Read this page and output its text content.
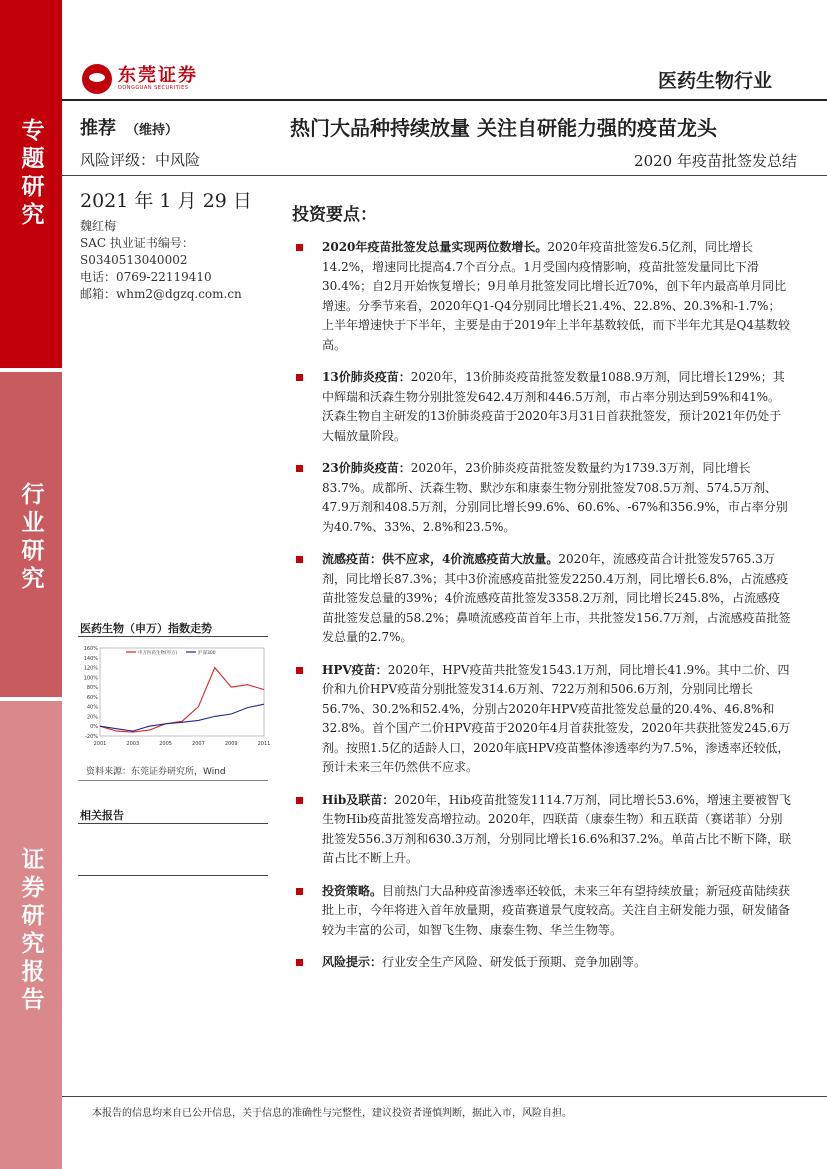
专题研究
行业研究
证券研究报告
东莞证券
DONGGUAN SECURITIES	医药生物行业
推荐 （维持）	热门大品种持续放量 关注自研能力强的疫苗龙头
风险评级：中风险	2020 年疫苗批签发总结
2021 年 1 月 29 日
魏红梅
SAC 执业证书编号：
S0340513040002
电话：0769-22119410
邮箱：whm2@dgzq.com.cn
投资要点：
2020年疫苗批签发总量实现两位数增长。2020年疫苗批签发6.5亿剂，同比增长14.2%，增速同比提高4.7个百分点。1月受国内疫情影响，疫苗批签发量同比下滑30.4%；自2月开始恢复增长；9月单月批签发同比增长近70%，创下年内最高单月同比增速。分季节来看，2020年Q1-Q4分别同比增长21.4%、22.8%、20.3%和-1.7%；上半年增速快于下半年，主要是由于2019年上半年基数较低，而下半年尤其是Q4基数较高。
13价肺炎疫苗：2020年，13价肺炎疫苗批签发数量1088.9万剂，同比增长129%；其中辉瑞和沃森生物分别批签发642.4万剂和446.5万剂，市占率分别达到59%和41%。沃森生物自主研发的13价肺炎疫苗于2020年3月31日首获批签发，预计2021年仍处于大幅放量阶段。
23价肺炎疫苗：2020年，23价肺炎疫苗批签发数量约为1739.3万剂，同比增长83.7%。成都所、沃森生物、默沙东和康泰生物分别批签发708.5万剂、574.5万剂、47.9万剂和408.5万剂，分别同比增长99.6%、60.6%、-67%和356.9%，市占率分别为40.7%、33%、2.8%和23.5%。
流感疫苗：供不应求，4价流感疫苗大放量。2020年，流感疫苗合计批签发5765.3万剂，同比增长87.3%；其中3价流感疫苗批签发2250.4万剂，同比增长6.8%，占流感疫苗批签发总量的39%；4价流感疫苗批签发3358.2万剂，同比增长245.8%，占流感疫苗批签发总量的58.2%；鼻喷流感疫苗首年上市，共批签发156.7万剂，占流感疫苗批签发总量的2.7%。
HPV疫苗：2020年，HPV疫苗共批签发1543.1万剂，同比增长41.9%。其中二价、四价和九价HPV疫苗分别批签发314.6万剂、722万剂和506.6万剂，分别同比增长56.7%、30.2%和52.4%，分别占2020年HPV疫苗批签发总量的20.4%、46.8%和32.8%。首个国产二价HPV疫苗于2020年4月首获批签发，2020年共获批签发245.6万剂。按照1.5亿的适龄人口，2020年底HPV疫苗整体渗透率约为7.5%，渗透率还较低，预计未来三年仍然供不应求。
Hib及联苗：2020年，Hib疫苗批签发1114.7万剂，同比增长53.6%，增速主要被智飞生物Hib疫苗批签发高增拉动。2020年，四联苗（康泰生物）和五联苗（赛诺菲）分别批签发556.3万剂和630.3万剂，分别同比增长16.6%和37.2%。单苗占比不断下降，联苗占比不断上升。
投资策略。目前热门大品种疫苗渗透率还较低，未来三年有望持续放量；新冠疫苗陆续获批上市，今年将进入首年放量期，疫苗赛道景气度较高。关注自主研发能力强，研发储备较为丰富的公司，如智飞生物、康泰生物、华兰生物等。
风险提示：行业安全生产风险、研发低于预期、竞争加剧等。
医药生物（申万）指数走势
160%
140%
120%
100%
80%
60%
40%
20%
0%
-20%
2001	2003	2005	2007	2009	2011
申万医药生物(申万)	沪深300
资料来源：东莞证券研究所，Wind
相关报告
本报告的信息均来自已公开信息，关于信息的准确性与完整性，建议投资者谨慎判断，据此入市，风险自担。
